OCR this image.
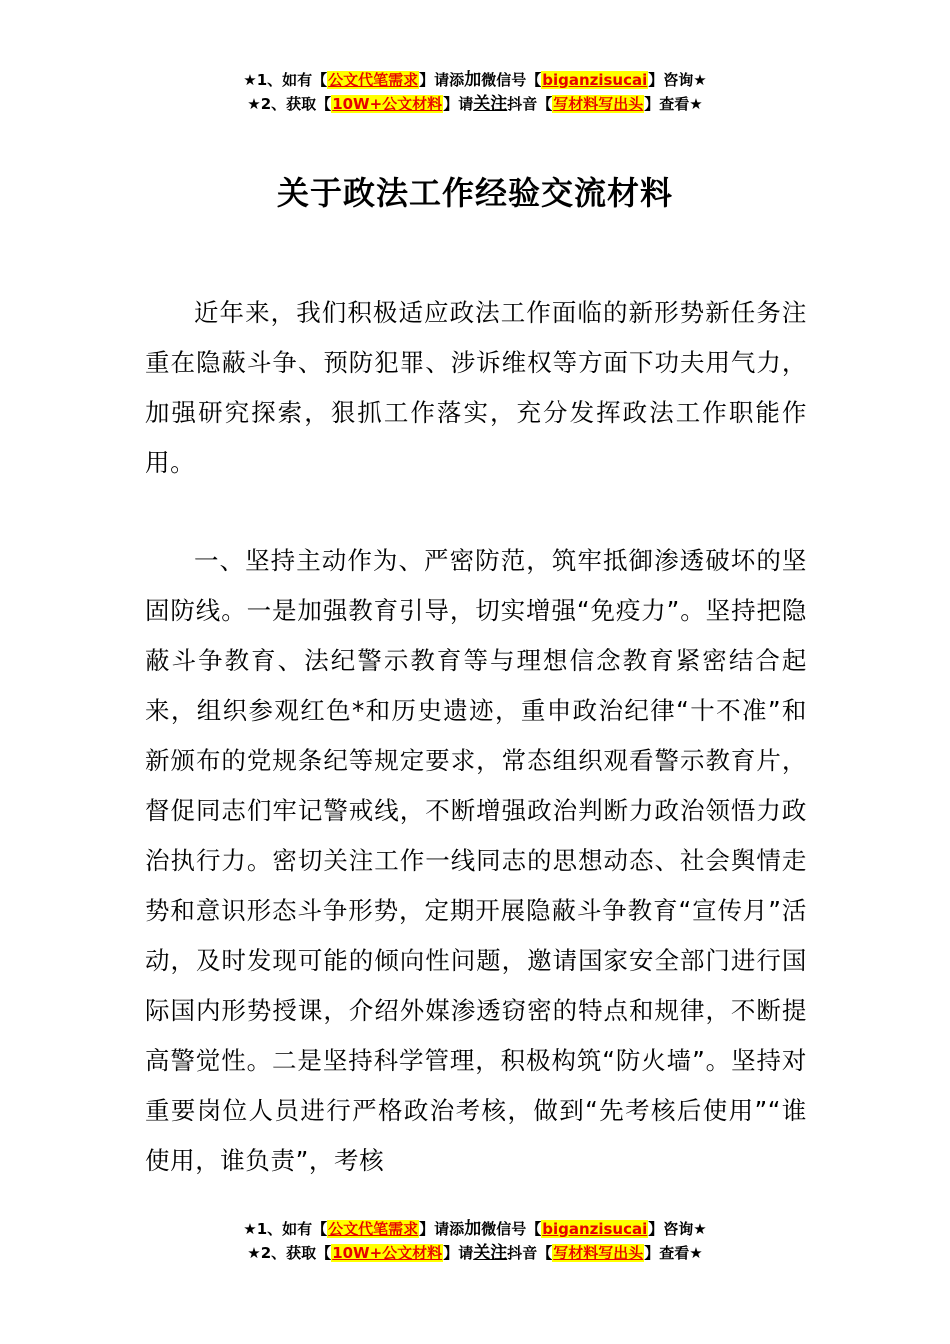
★1、如有【公文代笔需求】请添加微信号【biganzisucai】咨询★
★2、获取【10W+公文材料】请关注抖音【写材料写出头】查看★
关于政法工作经验交流材料

近年来，我们积极适应政法工作面临的新形势新任务注重在隐蔽斗争、预防犯罪、涉诉维权等方面下功夫用气力，加强研究探索，狠抓工作落实，充分发挥政法工作职能作用。

一、坚持主动作为、严密防范，筑牢抵御渗透破坏的坚固防线。一是加强教育引导，切实增强“免疫力”。坚持把隐蔽斗争教育、法纪警示教育等与理想信念教育紧密结合起来，组织参观红色*和历史遗迹，重申政治纪律“十不准”和新颁布的党规条纪等规定要求，常态组织观看警示教育片，督促同志们牢记警戒线，不断增强政治判断力政治领悟力政治执行力。密切关注工作一线同志的思想动态、社会舆情走势和意识形态斗争形势，定期开展隐蔽斗争教育“宣传月”活动，及时发现可能的倾向性问题，邀请国家安全部门进行国际国内形势授课，介绍外媒渗透窃密的特点和规律，不断提高警觉性。二是坚持科学管理，积极构筑“防火墙”。坚持对重要岗位人员进行严格政治考核，做到“先考核后使用”“谁使用，谁负责”，考核

★1、如有【公文代笔需求】请添加微信号【biganzisucai】咨询★
★2、获取【10W+公文材料】请关注抖音【写材料写出头】查看★
